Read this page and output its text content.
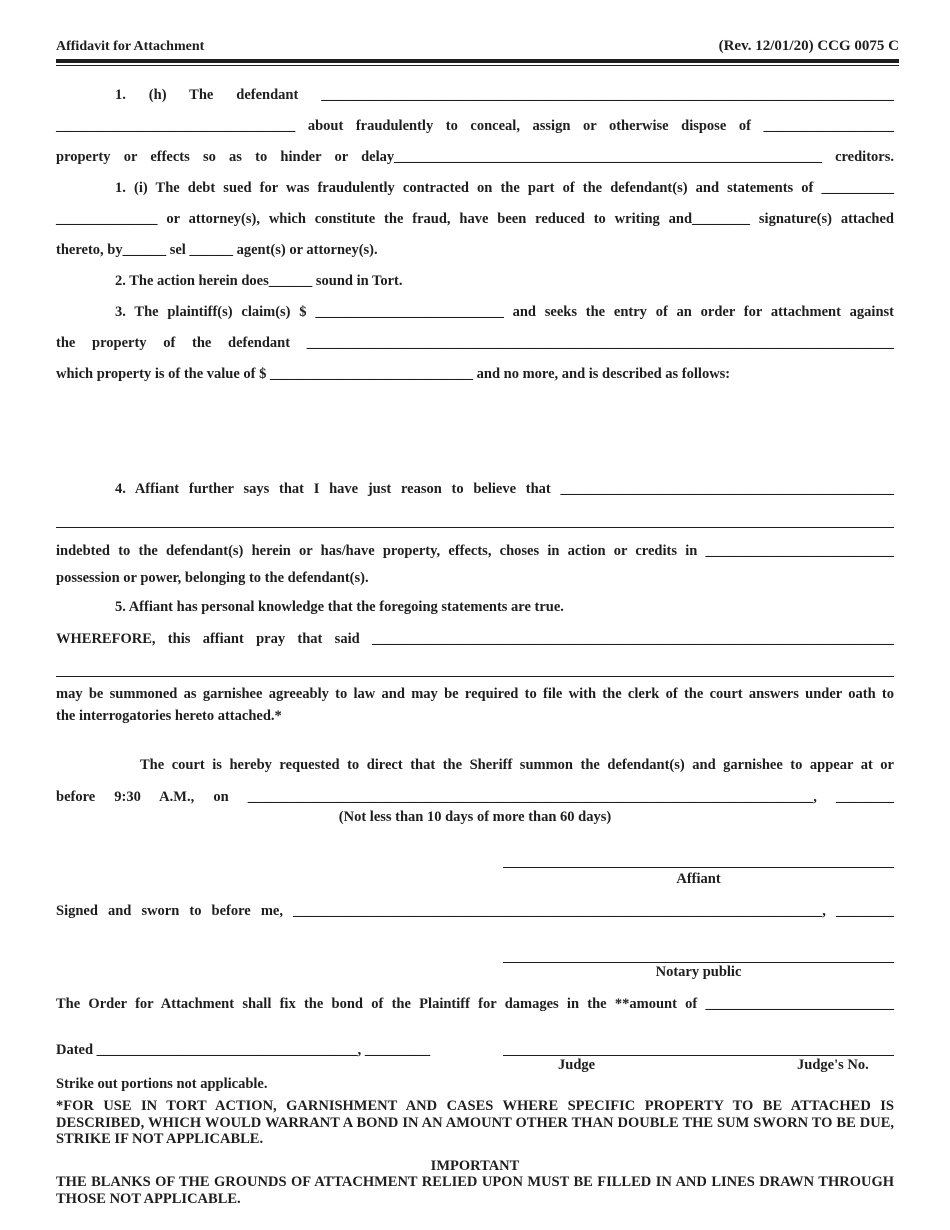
Affidavit for Attachment	(Rev. 12/01/20) CCG 0075 C
1. (h) The defendant _______________________________________________________________________________
_________________________________ about fraudulently to conceal, assign or otherwise dispose of __________________
property or effects so as to hinder or delay___________________________________________________________ creditors.
1. (i) The debt sued for was fraudulently contracted on the part of the defendant(s) and statements of __________
______________ or attorney(s), which constitute the fraud, have been reduced to writing and________ signature(s) attached
thereto, by______ sel ______ agent(s) or attorney(s).
2. The action herein does______ sound in Tort.
3. The plaintiff(s) claim(s) $ __________________________ and seeks the entry of an order for attachment against
the property of the defendant _________________________________________________________________________________
which property is of the value of $ ____________________________ and no more, and is described as follows:
4. Affiant further says that I have just reason to believe that ______________________________________________
indebted to the defendant(s) herein or has/have property, effects, choses in action or credits in __________________________
possession or power, belonging to the defendant(s).
5. Affiant has personal knowledge that the foregoing statements are true.
WHEREFORE, this affiant pray that said ________________________________________________________________________
may be summoned as garnishee agreeably to law and may be required to file with the clerk of the court answers under oath to
the interrogatories hereto attached.*
The court is hereby requested to direct that the Sheriff summon the defendant(s) and garnishee to appear at or
before 9:30 A.M., on ______________________________________________________________________________, ________
(Not less than 10 days of more than 60 days)
Affiant
Signed and sworn to before me, _________________________________________________________________________, ________
Notary public
The Order for Attachment shall fix the bond of the Plaintiff for damages in the **amount of __________________________
Dated ____________________________________, _________
Judge	Judge's No.
Strike out portions not applicable.
*FOR USE IN TORT ACTION, GARNISHMENT AND CASES WHERE SPECIFIC PROPERTY TO BE ATTACHED IS DESCRIBED, WHICH WOULD WARRANT A BOND IN AN AMOUNT OTHER THAN DOUBLE THE SUM SWORN TO BE DUE, STRIKE IF NOT APPLICABLE.
IMPORTANT
THE BLANKS OF THE GROUNDS OF ATTACHMENT RELIED UPON MUST BE FILLED IN AND LINES DRAWN THROUGH THOSE NOT APPLICABLE.
